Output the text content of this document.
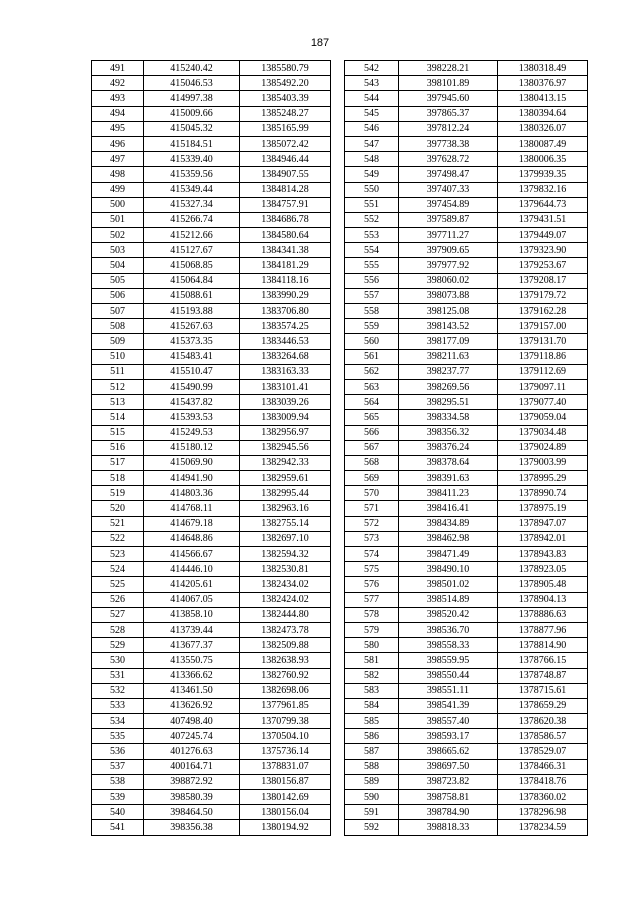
187
491	415240.42	1385580.79
492	415046.53	1385492.20
493	414997.38	1385403.39
494	415009.66	1385248.27
495	415045.32	1385165.99
496	415184.51	1385072.42
497	415339.40	1384946.44
498	415359.56	1384907.55
499	415349.44	1384814.28
500	415327.34	1384757.91
501	415266.74	1384686.78
502	415212.66	1384580.64
503	415127.67	1384341.38
504	415068.85	1384181.29
505	415064.84	1384118.16
506	415088.61	1383990.29
507	415193.88	1383706.80
508	415267.63	1383574.25
509	415373.35	1383446.53
510	415483.41	1383264.68
511	415510.47	1383163.33
512	415490.99	1383101.41
513	415437.82	1383039.26
514	415393.53	1383009.94
515	415249.53	1382956.97
516	415180.12	1382945.56
517	415069.90	1382942.33
518	414941.90	1382959.61
519	414803.36	1382995.44
520	414768.11	1382963.16
521	414679.18	1382755.14
522	414648.86	1382697.10
523	414566.67	1382594.32
524	414446.10	1382530.81
525	414205.61	1382434.02
526	414067.05	1382424.02
527	413858.10	1382444.80
528	413739.44	1382473.78
529	413677.37	1382509.88
530	413550.75	1382638.93
531	413366.62	1382760.92
532	413461.50	1382698.06
533	413626.92	1377961.85
534	407498.40	1370799.38
535	407245.74	1370504.10
536	401276.63	1375736.14
537	400164.71	1378831.07
538	398872.92	1380156.87
539	398580.39	1380142.69
540	398464.50	1380156.04
541	398356.38	1380194.92
542	398228.21	1380318.49
543	398101.89	1380376.97
544	397945.60	1380413.15
545	397865.37	1380394.64
546	397812.24	1380326.07
547	397738.38	1380087.49
548	397628.72	1380006.35
549	397498.47	1379939.35
550	397407.33	1379832.16
551	397454.89	1379644.73
552	397589.87	1379431.51
553	397711.27	1379449.07
554	397909.65	1379323.90
555	397977.92	1379253.67
556	398060.02	1379208.17
557	398073.88	1379179.72
558	398125.08	1379162.28
559	398143.52	1379157.00
560	398177.09	1379131.70
561	398211.63	1379118.86
562	398237.77	1379112.69
563	398269.56	1379097.11
564	398295.51	1379077.40
565	398334.58	1379059.04
566	398356.32	1379034.48
567	398376.24	1379024.89
568	398378.64	1379003.99
569	398391.63	1378995.29
570	398411.23	1378990.74
571	398416.41	1378975.19
572	398434.89	1378947.07
573	398462.98	1378942.01
574	398471.49	1378943.83
575	398490.10	1378923.05
576	398501.02	1378905.48
577	398514.89	1378904.13
578	398520.42	1378886.63
579	398536.70	1378877.96
580	398558.33	1378814.90
581	398559.95	1378766.15
582	398550.44	1378748.87
583	398551.11	1378715.61
584	398541.39	1378659.29
585	398557.40	1378620.38
586	398593.17	1378586.57
587	398665.62	1378529.07
588	398697.50	1378466.31
589	398723.82	1378418.76
590	398758.81	1378360.02
591	398784.90	1378296.98
592	398818.33	1378234.59
